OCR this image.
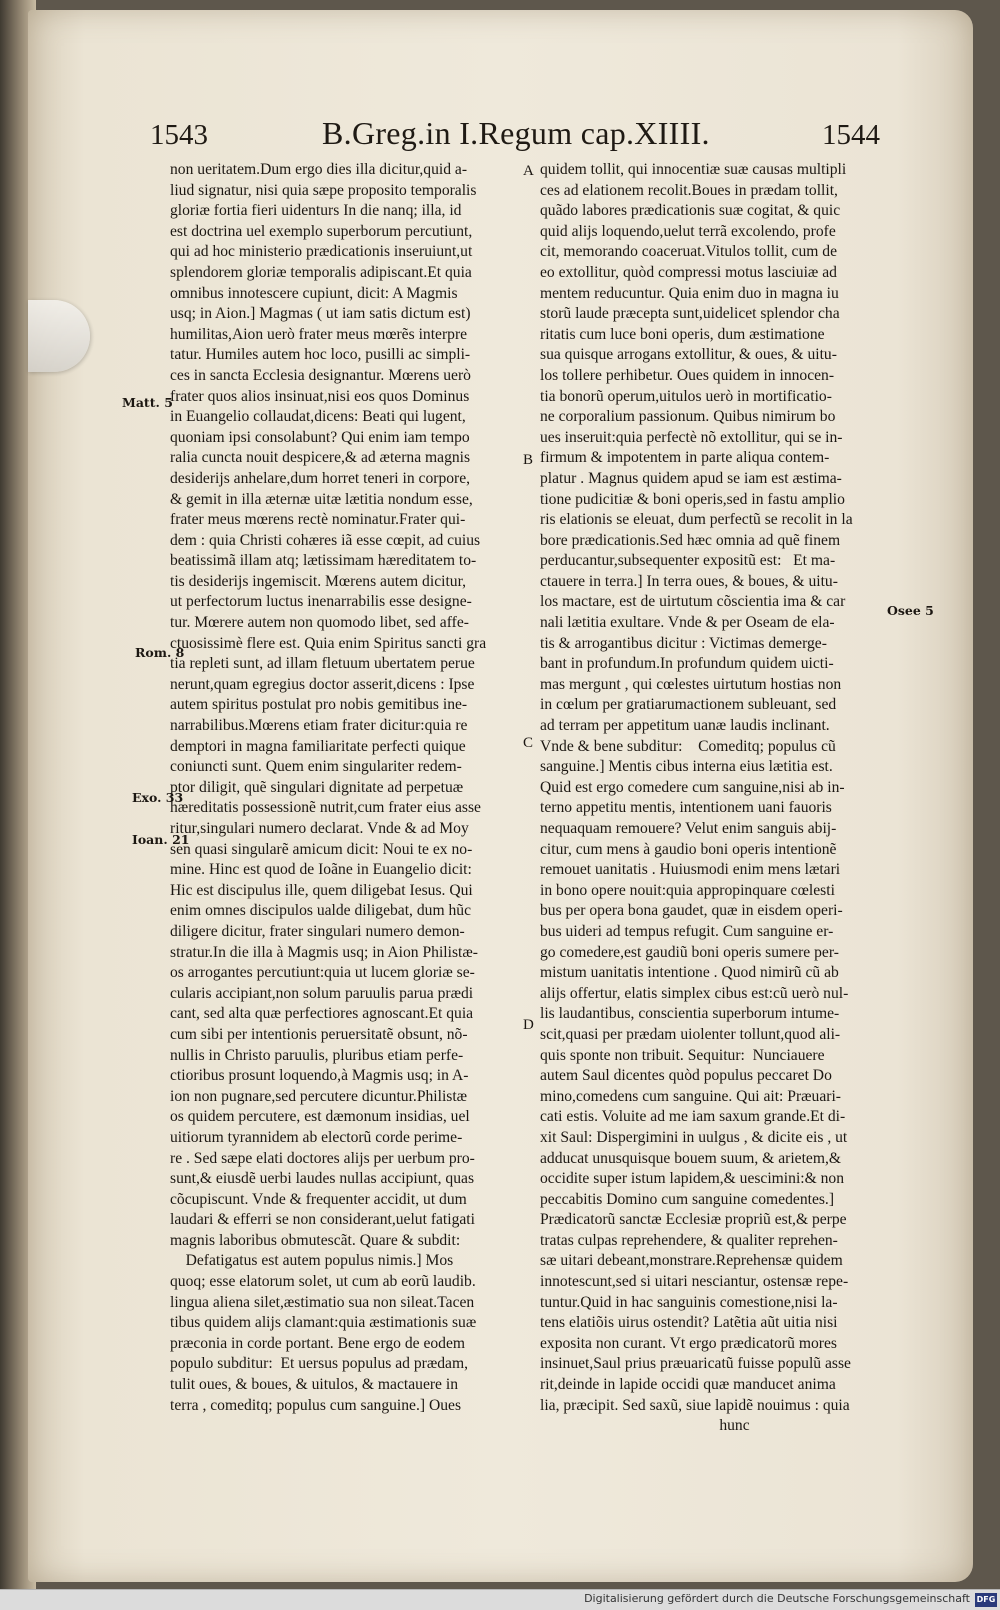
1543	B.Greg.in I.Regum cap.XIIII.	1544
non ueritatem.Dum ergo dies illa dicitur,quid a-
liud signatur, nisi quia sæpe proposito temporalis
gloriæ fortia fieri uidenturs In die nanq; illa, id
est doctrina uel exemplo superborum percutiunt,
qui ad hoc ministerio prædicationis inseruiunt,ut
splendorem gloriæ temporalis adipiscant.Et quia
omnibus innotescere cupiunt, dicit: A Magmis
usq; in Aion.] Magmas ( ut iam satis dictum est)
humilitas,Aion uerò frater meus mœrẽs interpre
tatur. Humiles autem hoc loco, pusilli ac simpli-
ces in sancta Ecclesia designantur. Mœrens uerò
frater quos alios insinuat,nisi eos quos Dominus
in Euangelio collaudat,dicens: Beati qui lugent,
quoniam ipsi consolabunt? Qui enim iam tempo
ralia cuncta nouit despicere,& ad æterna magnis
desiderijs anhelare,dum horret teneri in corpore,
& gemit in illa æternæ uitæ lætitia nondum esse,
frater meus mœrens rectè nominatur.Frater qui-
dem : quia Christi cohæres iã esse cœpit, ad cuius
beatissimã illam atq; lætissimam hæreditatem to-
tis desiderijs ingemiscit. Mœrens autem dicitur,
ut perfectorum luctus inenarrabilis esse designe-
tur. Mœrere autem non quomodo libet, sed affe-
ctuosissimè flere est. Quia enim Spiritus sancti gra
tia repleti sunt, ad illam fletuum ubertatem perue
nerunt,quam egregius doctor asserit,dicens : Ipse
autem spiritus postulat pro nobis gemitibus ine-
narrabilibus.Mœrens etiam frater dicitur:quia re
demptori in magna familiaritate perfecti quique
coniuncti sunt. Quem enim singulariter redem-
ptor diligit, quẽ singulari dignitate ad perpetuæ
hæreditatis possessionẽ nutrit,cum frater eius asse
ritur,singulari numero declarat. Vnde & ad Moy
sen quasi singularẽ amicum dicit: Noui te ex no-
mine. Hinc est quod de Ioãne in Euangelio dicit:
Hic est discipulus ille, quem diligebat Iesus. Qui
enim omnes discipulos ualde diligebat, dum hũc
diligere dicitur, frater singulari numero demon-
stratur.In die illa à Magmis usq; in Aion Philistæ-
os arrogantes percutiunt:quia ut lucem gloriæ se-
cularis accipiant,non solum paruulis parua prædi
cant, sed alta quæ perfectiores agnoscant.Et quia
cum sibi per intentionis peruersitatẽ obsunt, nõ-
nullis in Christo paruulis, pluribus etiam perfe-
ctioribus prosunt loquendo,à Magmis usq; in A-
ion non pugnare,sed percutere dicuntur.Philistæ
os quidem percutere, est dæmonum insidias, uel
uitiorum tyrannidem ab electorũ corde perime-
re . Sed sæpe elati doctores alijs per uerbum pro-
sunt,& eiusdẽ uerbi laudes nullas accipiunt, quas
cõcupiscunt. Vnde & frequenter accidit, ut dum
laudari & efferri se non considerant,uelut fatigati
magnis laboribus obmutescãt. Quare & subdit:
Defatigatus est autem populus nimis.] Mos
quoq; esse elatorum solet, ut cum ab eorũ laudib.
lingua aliena silet,æstimatio sua non sileat.Tacen
tibus quidem alijs clamant:quia æstimationis suæ
præconia in corde portant. Bene ergo de eodem
populo subditur:  Et uersus populus ad prædam,
tulit oues, & boues, & uitulos, & mactauere in
terra , comeditq; populus cum sanguine.] Oues
quidem tollit, qui innocentiæ suæ causas multipli
ces ad elationem recolit.Boues in prædam tollit,
quãdo labores prædicationis suæ cogitat, & quic
quid alijs loquendo,uelut terrã excolendo, profe
cit, memorando coaceruat.Vitulos tollit, cum de
eo extollitur, quòd compressi motus lasciuiæ ad
mentem reducuntur. Quia enim duo in magna iu
storũ laude præcepta sunt,uidelicet splendor cha
ritatis cum luce boni operis, dum æstimatione
sua quisque arrogans extollitur, & oues, & uitu-
los tollere perhibetur. Oues quidem in innocen-
tia bonorũ operum,uitulos uerò in mortificatio-
ne corporalium passionum. Quibus nimirum bo
ues inseruit:quia perfectè nõ extollitur, qui se in-
firmum & impotentem in parte aliqua contem-
platur . Magnus quidem apud se iam est æstima-
tione pudicitiæ & boni operis,sed in fastu amplio
ris elationis se eleuat, dum perfectũ se recolit in la
bore prædicationis.Sed hæc omnia ad quẽ finem
perducantur,subsequenter expositũ est:   Et ma-
ctauere in terra.] In terra oues, & boues, & uitu-
los mactare, est de uirtutum cõscientia ima & car
nali lætitia exultare. Vnde & per Oseam de ela-
tis & arrogantibus dicitur : Victimas demerge-
bant in profundum.In profundum quidem uicti-
mas mergunt , qui cœlestes uirtutum hostias non
in cœlum per gratiarumactionem subleuant, sed
ad terram per appetitum uanæ laudis inclinant.
Vnde & bene subditur:    Comeditq; populus cũ
sanguine.] Mentis cibus interna eius lætitia est.
Quid est ergo comedere cum sanguine,nisi ab in-
terno appetitu mentis, intentionem uani fauoris
nequaquam remouere? Velut enim sanguis abij-
citur, cum mens à gaudio boni operis intentionẽ
remouet uanitatis . Huiusmodi enim mens lætari
in bono opere nouit:quia appropinquare cœlesti
bus per opera bona gaudet, quæ in eisdem operi-
bus uideri ad tempus refugit. Cum sanguine er-
go comedere,est gaudiũ boni operis sumere per-
mistum uanitatis intentione . Quod nimirũ cũ ab
alijs offertur, elatis simplex cibus est:cũ uerò nul-
lis laudantibus, conscientia superborum intume-
scit,quasi per prædam uiolenter tollunt,quod ali-
quis sponte non tribuit. Sequitur:  Nunciauere
autem Saul dicentes quòd populus peccaret Do
mino,comedens cum sanguine. Qui ait: Præuari-
cati estis. Voluite ad me iam saxum grande.Et di-
xit Saul: Dispergimini in uulgus , & dicite eis , ut
adducat unusquisque bouem suum, & arietem,&
occidite super istum lapidem,& uescimini:& non
peccabitis Domino cum sanguine comedentes.]
Prædicatorũ sanctæ Ecclesiæ propriũ est,& perpe
tratas culpas reprehendere, & qualiter reprehen-
sæ uitari debeant,monstrare.Reprehensæ quidem
innotescunt,sed si uitari nesciantur, ostensæ repe-
tuntur.Quid in hac sanguinis comestione,nisi la-
tens elatiõis uirus ostendit? Latẽtia aũt uitia nisi
exposita non curant. Vt ergo prædicatorũ mores
insinuet,Saul prius præuaricatũ fuisse populũ asse
rit,deinde in lapide occidi quæ manducet anima
lia, præcipit. Sed saxũ, siue lapidẽ nouimus : quia
hunc
Matt. 5
Rom. 8
Exo. 33
Ioan. 21
Osee 5
A
B
C
D
Digitalisierung gefördert durch die Deutsche Forschungsgemeinschaft DFG
